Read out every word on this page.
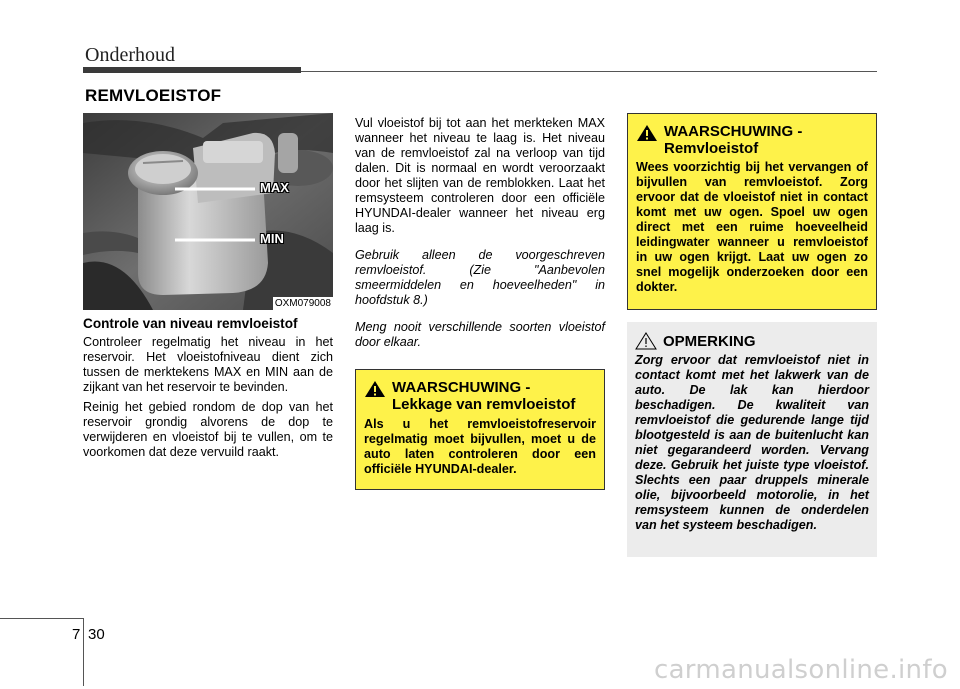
Onderhoud
REMVLOEISTOF
MAX
MIN
OXM079008
Controle van niveau remvloeistof

Controleer regelmatig het niveau in het reservoir. Het vloeistofniveau dient zich tussen de merktekens MAX en MIN aan de zijkant van het reservoir te bevinden.

Reinig het gebied rondom de dop van het reservoir grondig alvorens de dop te verwijderen en vloeistof bij te vullen, om te voorkomen dat deze vervuild raakt.

Vul vloeistof bij tot aan het merkteken MAX wanneer het niveau te laag is. Het niveau van de remvloeistof zal na verloop van tijd dalen. Dit is normaal en wordt veroorzaakt door het slijten van de remblokken. Laat het remsysteem controleren door een officiële HYUNDAI-dealer wanneer het niveau erg laag is.

Gebruik alleen de voorgeschreven remvloeistof. (Zie "Aanbevolen smeermiddelen en hoeveelheden" in hoofdstuk 8.)

Meng nooit verschillende soorten vloeistof door elkaar.

WAARSCHUWING -
Lekkage van remvloeistof
Als u het remvloeistofreservoir regelmatig moet bijvullen, moet u de auto laten controleren door een officiële HYUNDAI-dealer.
WAARSCHUWING -
Remvloeistof
Wees voorzichtig bij het vervangen of bijvullen van remvloeistof. Zorg ervoor dat de vloeistof niet in contact komt met uw ogen. Spoel uw ogen direct met een ruime hoeveelheid leidingwater wanneer u remvloeistof in uw ogen krijgt. Laat uw ogen zo snel mogelijk onderzoeken door een dokter.
OPMERKING
Zorg ervoor dat remvloeistof niet in contact komt met het lakwerk van de auto. De lak kan hierdoor beschadigen. De kwaliteit van remvloeistof die gedurende lange tijd blootgesteld is aan de buitenlucht kan niet gegarandeerd worden. Vervang deze. Gebruik het juiste type vloeistof. Slechts een paar druppels minerale olie, bijvoorbeeld motorolie, in het remsysteem kunnen de onderdelen van het systeem beschadigen.
7 30
carmanualsonline.info
